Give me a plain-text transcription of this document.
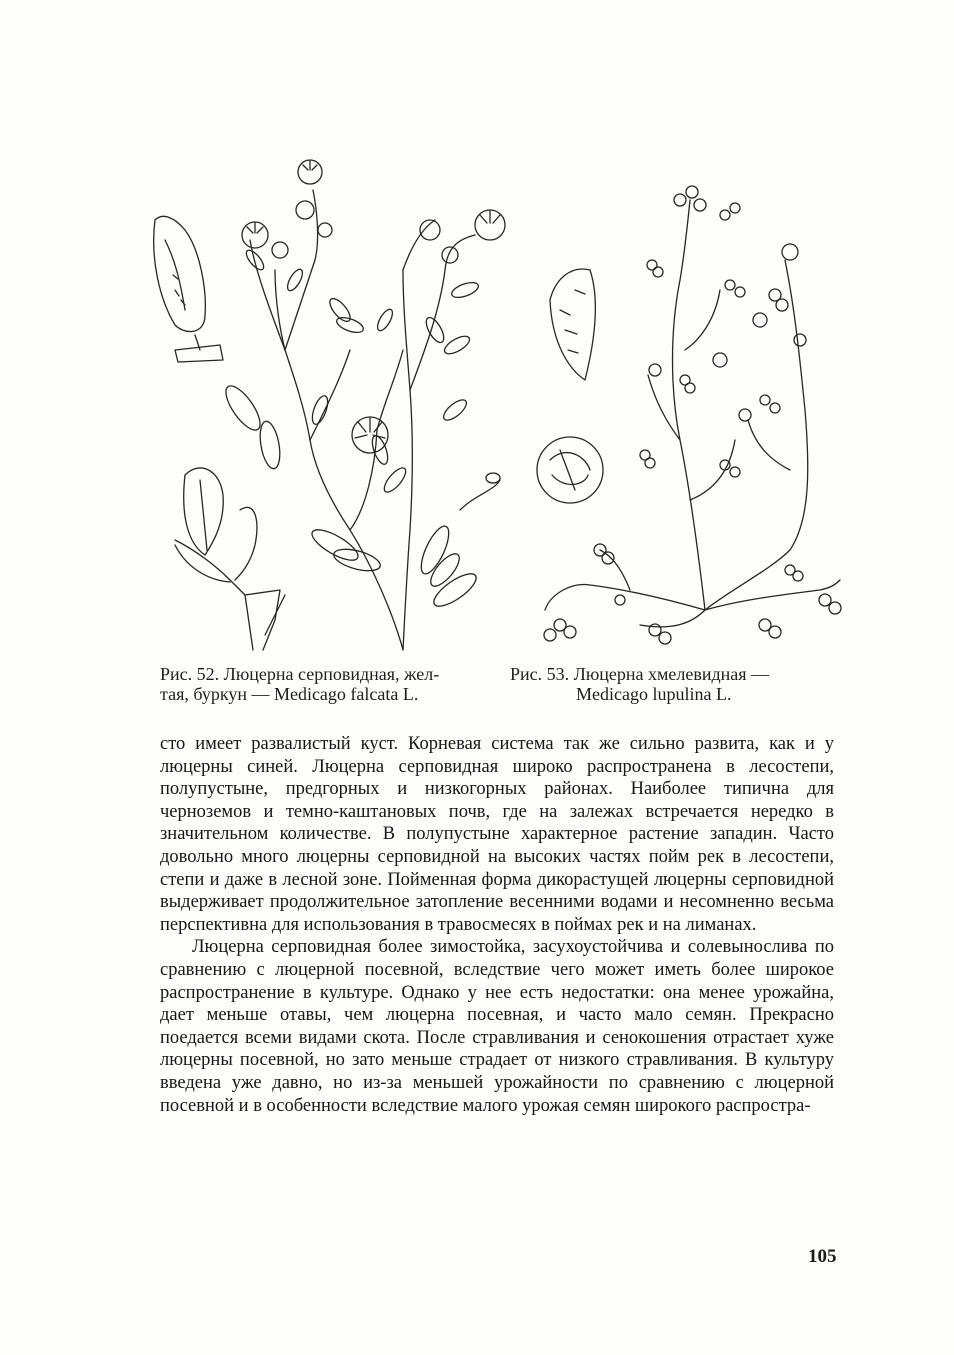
Рис. 52. Люцерна серповидная, жел-
тая, буркун — Medicago falcata L.
Рис. 53. Люцерна хмелевидная —
Medicago lupulina L.

сто имеет развалистый куст. Корневая система так же сильно развита, как и у люцерны синей. Люцерна серповидная широко распространена в лесостепи, полупустыне, предгорных и низкогорных районах. Наиболее типична для черноземов и темно-каштановых почв, где на залежах встречается нередко в значительном количестве. В полупустыне характерное растение западин. Часто довольно много люцерны серповидной на высоких частях пойм рек в лесостепи, степи и даже в лесной зоне. Пойменная форма дикорастущей люцерны серповидной выдерживает продолжительное затопление весенними водами и несомненно весьма перспективна для использования в травосмесях в поймах рек и на лиманах.

Люцерна серповидная более зимостойка, засухоустойчива и солевынослива по сравнению с люцерной посевной, вследствие чего может иметь более широкое распространение в культуре. Однако у нее есть недостатки: она менее урожайна, дает меньше отавы, чем люцерна посевная, и часто мало семян. Прекрасно поедается всеми видами скота. После стравливания и сенокошения отрастает хуже люцерны посевной, но зато меньше страдает от низкого стравливания. В культуру введена уже давно, но из-за меньшей урожайности по сравнению с люцерной посевной и в особенности вследствие малого урожая семян широкого распростра-

105
